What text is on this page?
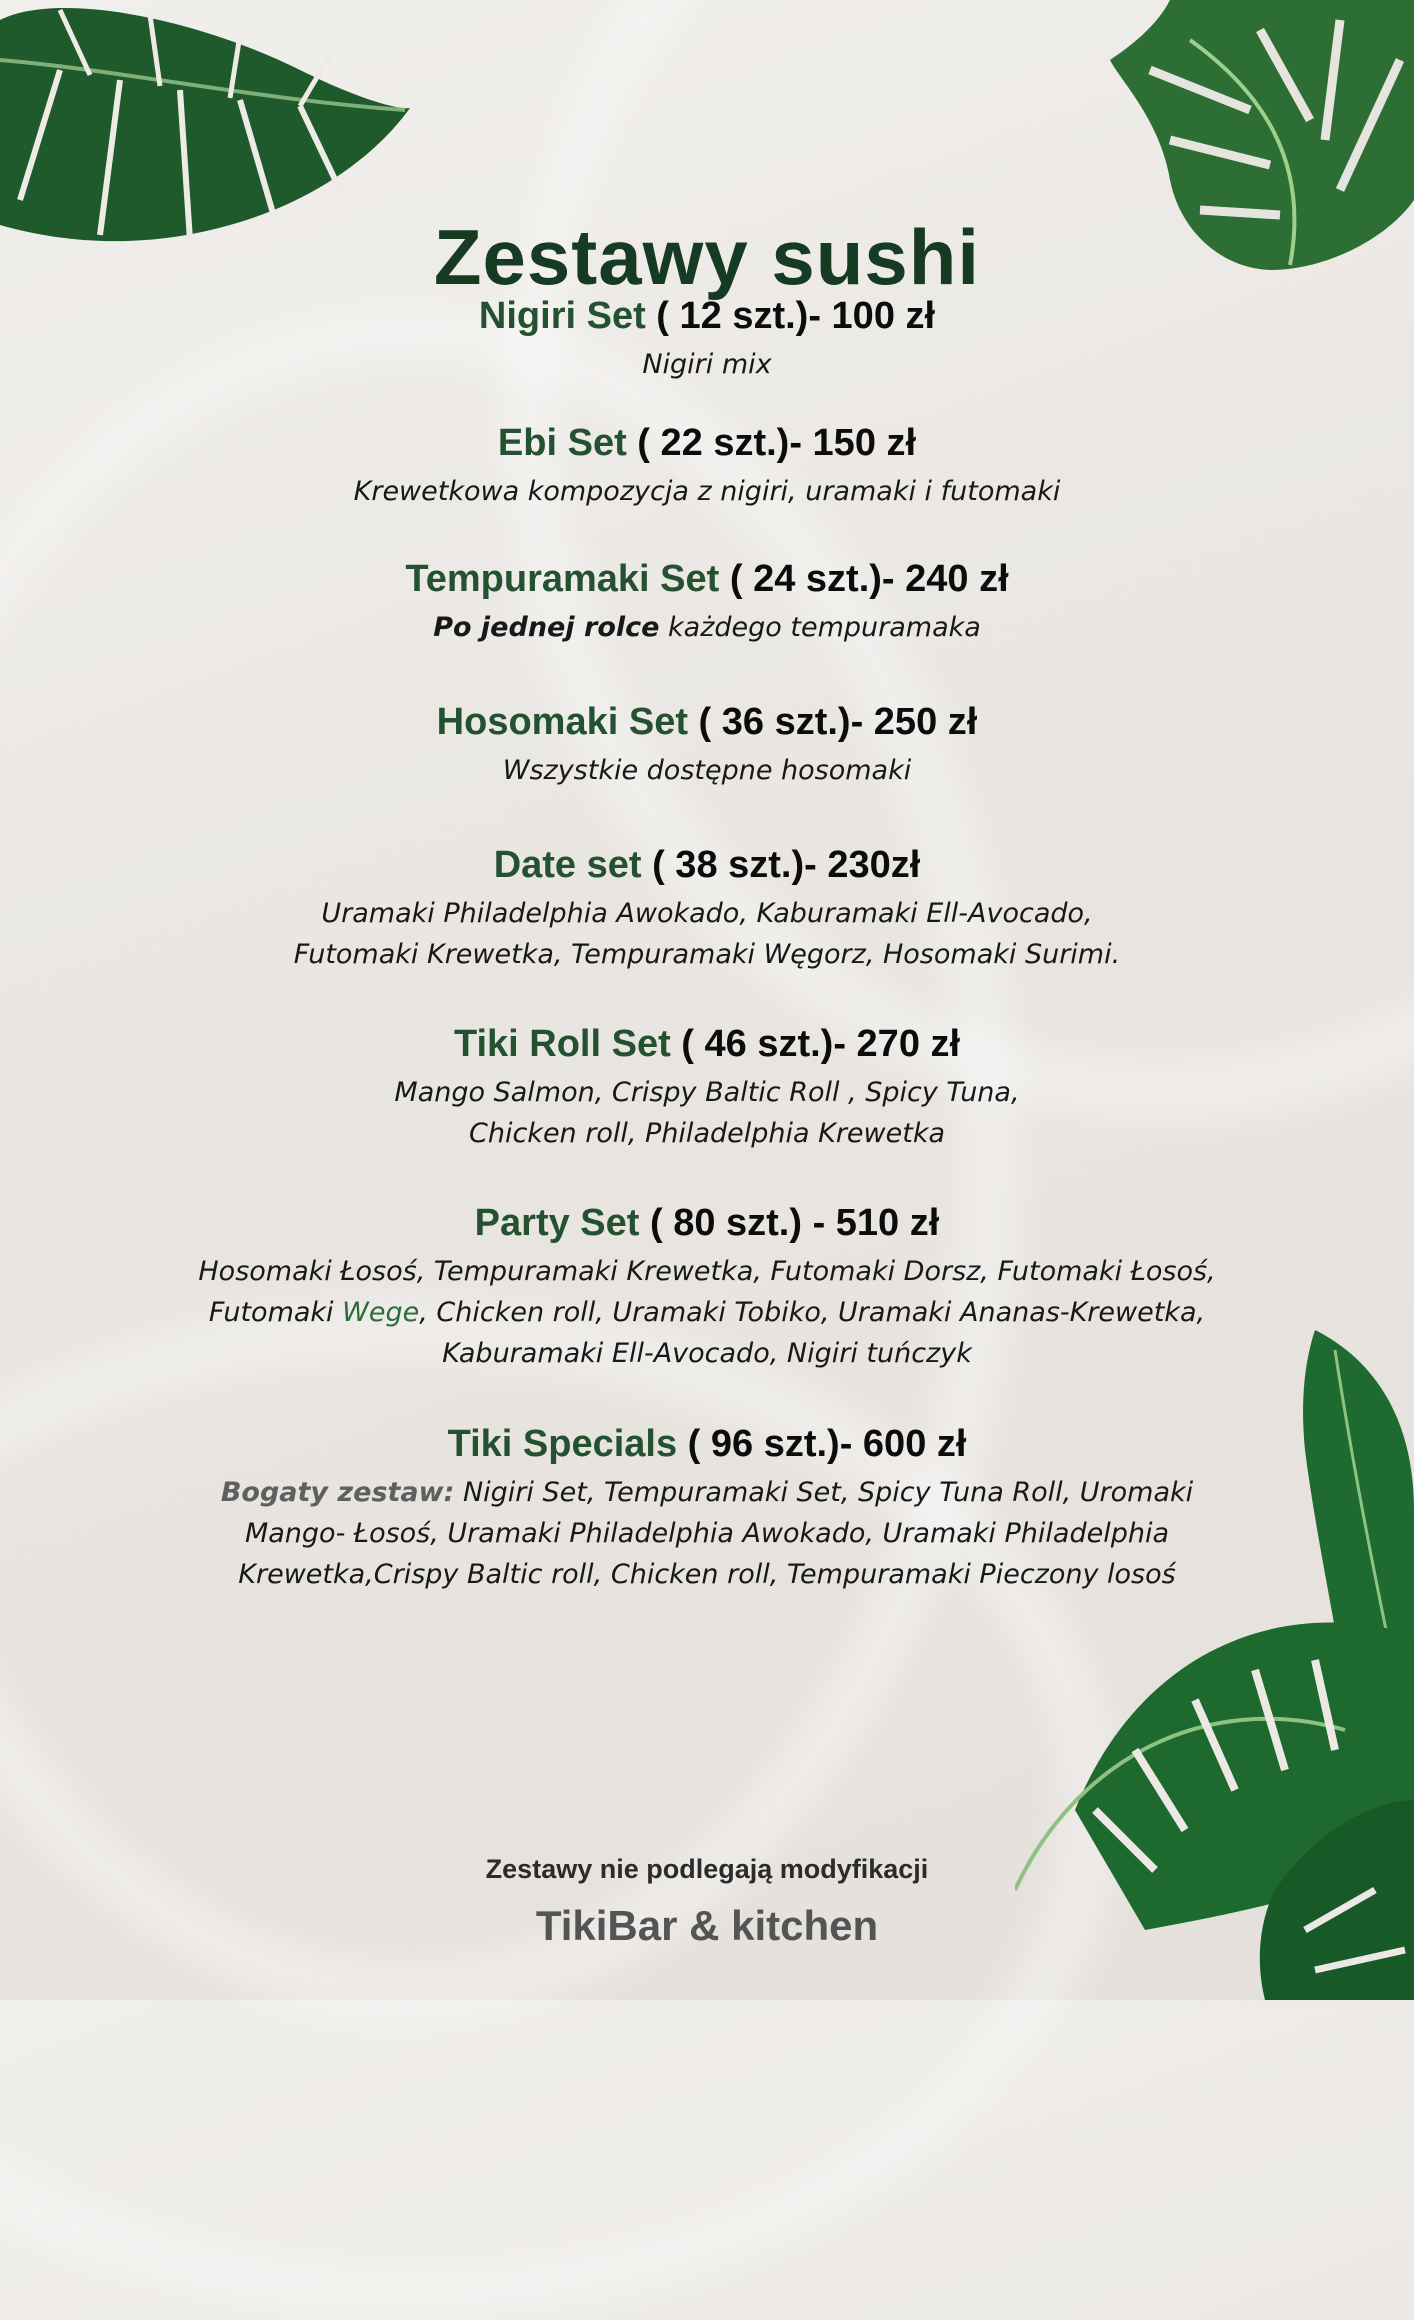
Zestawy sushi
Nigiri Set ( 12 szt.)- 100 zł
Nigiri mix
Ebi Set ( 22 szt.)- 150 zł
Krewetkowa kompozycja z nigiri, uramaki i futomaki
Tempuramaki Set ( 24 szt.)- 240 zł
Po jednej rolce każdego tempuramaka
Hosomaki Set ( 36 szt.)- 250 zł
Wszystkie dostępne hosomaki
Date set ( 38 szt.)- 230zł
Uramaki Philadelphia Awokado, Kaburamaki Ell-Avocado,
Futomaki Krewetka, Tempuramaki Węgorz, Hosomaki Surimi.
Tiki Roll Set ( 46 szt.)- 270 zł
Mango Salmon, Crispy Baltic Roll , Spicy Tuna,
Chicken roll, Philadelphia Krewetka
Party Set ( 80 szt.) - 510 zł
Hosomaki Łosoś, Tempuramaki Krewetka, Futomaki Dorsz, Futomaki Łosoś,
Futomaki Wege, Chicken roll, Uramaki Tobiko, Uramaki Ananas-Krewetka,
Kaburamaki Ell-Avocado, Nigiri tuńczyk
Tiki Specials ( 96 szt.)- 600 zł
Bogaty zestaw: Nigiri Set, Tempuramaki Set, Spicy Tuna Roll, Uromaki
Mango- Łosoś, Uramaki Philadelphia Awokado, Uramaki Philadelphia
Krewetka,Crispy Baltic roll, Chicken roll, Tempuramaki Pieczony losoś
Zestawy nie podlegają modyfikacji
TikiBar & kitchen
